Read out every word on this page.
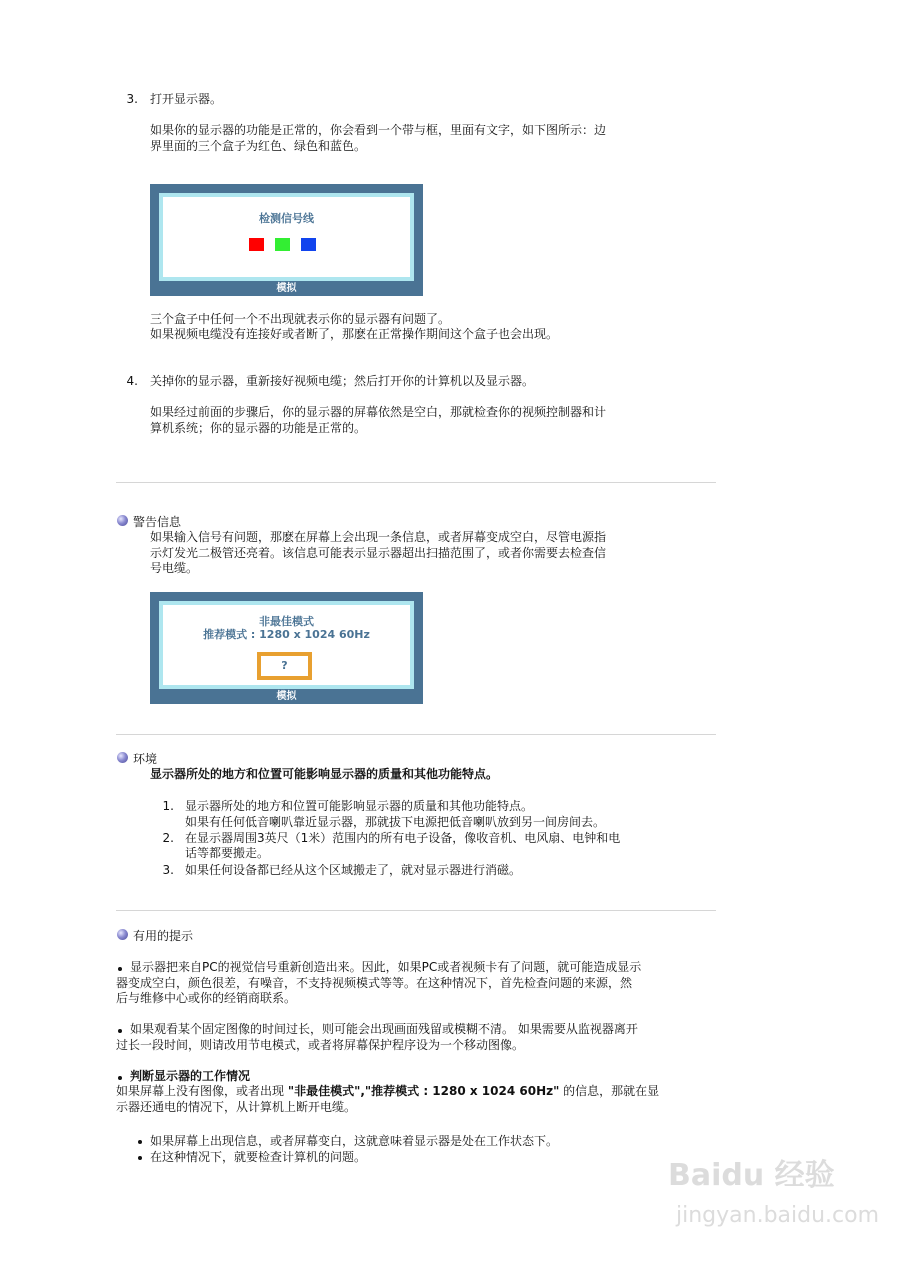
3. 打开显示器。

如果你的显示器的功能是正常的，你会看到一个带与框，里面有文字，如下图所示：边

界里面的三个盒子为红色、绿色和蓝色。

检测信号线
模拟

三个盒子中任何一个不出现就表示你的显示器有问题了。

如果视频电缆没有连接好或者断了，那麽在正常操作期间这个盒子也会出现。

4. 关掉你的显示器，重新接好视频电缆；然后打开你的计算机以及显示器。

如果经过前面的步骤后，你的显示器的屏幕依然是空白，那就检查你的视频控制器和计

算机系统；你的显示器的功能是正常的。

警告信息

如果输入信号有问题，那麽在屏幕上会出现一条信息，或者屏幕变成空白，尽管电源指

示灯发光二极管还亮着。该信息可能表示显示器超出扫描范围了，或者你需要去检查信

号电缆。

非最佳模式
推荐模式 : 1280 x 1024 60Hz
?
模拟
环境

显示器所处的地方和位置可能影响显示器的质量和其他功能特点。

1. 显示器所处的地方和位置可能影响显示器的质量和其他功能特点。

如果有任何低音喇叭靠近显示器，那就拔下电源把低音喇叭放到另一间房间去。

2. 在显示器周围3英尺（1米）范围内的所有电子设备，像收音机、电风扇、电钟和电

话等都要搬走。

3. 如果任何设备都已经从这个区域搬走了，就对显示器进行消磁。

有用的提示

显示器把来自PC的视觉信号重新创造出来。因此，如果PC或者视频卡有了问题，就可能造成显示

器变成空白，颜色很差，有噪音，不支持视频模式等等。在这种情况下，首先检查问题的来源，然

后与维修中心或你的经销商联系。

如果观看某个固定图像的时间过长，则可能会出现画面残留或模糊不清。 如果需要从监视器离开

过长一段时间，则请改用节电模式，或者将屏幕保护程序设为一个移动图像。

判断显示器的工作情况

如果屏幕上没有图像，或者出现 "非最佳模式","推荐模式 : 1280 x 1024 60Hz" 的信息，那就在显

示器还通电的情况下，从计算机上断开电缆。

如果屏幕上出现信息，或者屏幕变白，这就意味着显示器是处在工作状态下。

在这种情况下，就要检查计算机的问题。

Baidu 经验
jingyan.baidu.com
